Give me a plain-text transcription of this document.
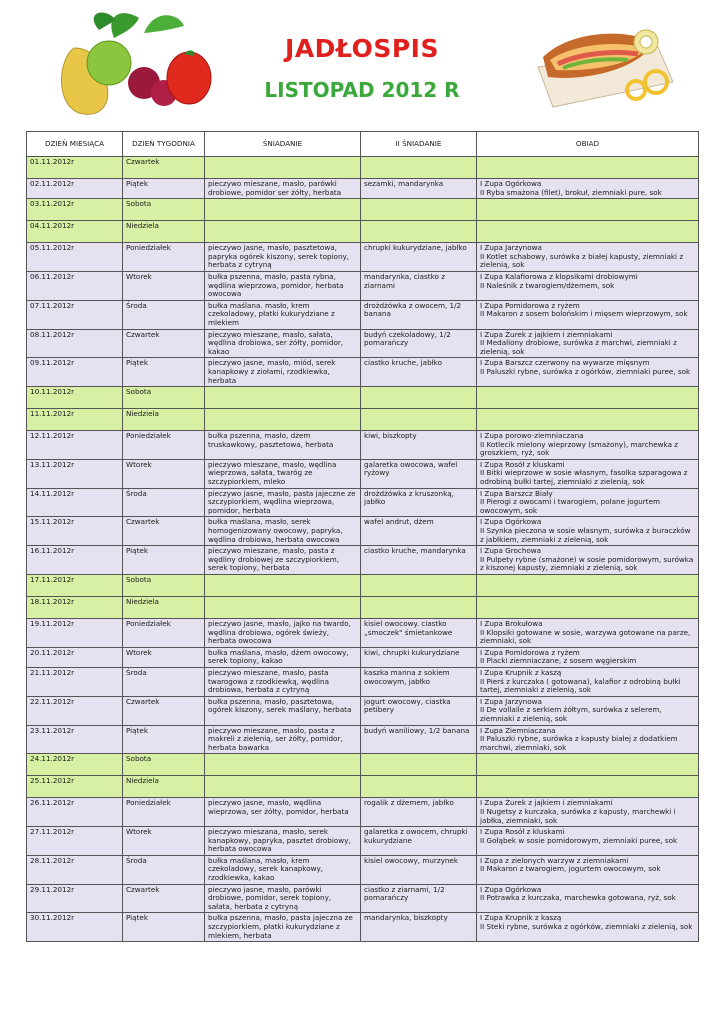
JADŁOSPIS
LISTOPAD 2012 R
DZIEŃ MIESIĄCA	DZIEŃ TYGODNIA	ŚNIADANIE	II ŚNIADANIE	OBIAD
01.11.2012r	Czwartek			
02.11.2012r	Piątek	pieczywo mieszane, masło, parówki drobiowe, pomidor ser żółty, herbata	sezamki, mandarynka	I Zupa Ogórkowa
II Ryba smażona (filet), brokuł, ziemniaki pure, sok
03.11.2012r	Sobota			
04.11.2012r	Niedziela			
05.11.2012r	Poniedziałek	pieczywo jasne, masło, pasztetowa, papryka ogórek kiszony, serek topiony, herbata z cytryną	chrupki kukurydziane, jabłko	I Zupa Jarzynowa
II Kotlet schabowy, surówka z białej kapusty, ziemniaki z zielenią, sok
06.11.2012r	Wtorek	bułka pszenna, masło, pasta rybna, wędlina wieprzowa, pomidor, herbata owocowa	mandarynka, ciastko z ziarnami	I Zupa Kalafiorowa z klopsikami drobiowymi
II Naleśnik z twarogiem/dżemem, sok
07.11.2012r	Środa	bułka maślana. masło, krem czekoladowy, płatki kukurydziane z mlekiem	drożdżówka z owocem, 1/2 banana	I Zupa Pomidorowa z ryżem
II Makaron z sosem bolońskim i mięsem wieprzowym, sok
08.11.2012r	Czwartek	pieczywo mieszane, masło, sałata, wędlina drobiowa, ser żółty, pomidor, kakao	budyń czekoladowy, 1/2 pomarańczy	I Zupa Żurek z jajkiem i ziemniakami
II Medaliony drobiowe, surówka z marchwi, ziemniaki z zielenią, sok
09.11.2012r	Piątek	pieczywo jasne, masło, miód, serek kanapkowy z ziołami, rzodkiewka, herbata	ciastko kruche, jabłko	I Zupa Barszcz czerwony na wywarze mięsnym
II Paluszki rybne, surówka z ogórków, ziemniaki puree, sok
10.11.2012r	Sobota			
11.11.2012r	Niedziela			
12.11.2012r	Poniedziałek	bułka pszenna, masło, dżem truskawkowy, pasztetowa, herbata	kiwi, biszkopty	I Zupa porowo-ziemniaczana
II Kotlecik mielony wieprzowy (smażony), marchewka z groszkiem, ryż, sok
13.11.2012r	Wtorek	pieczywo mieszane, masło, wędlina wieprzowa, sałata, twaróg ze szczypiorkiem, mleko	galaretka owocowa, wafel ryżowy	I Zupa Rosół z kluskami
II Bitki wieprzowe w sosie własnym, fasolka szparagowa z odrobiną bułki tartej, ziemniaki z zielenią, sok
14.11.2012r	Środa	pieczywo jasne, masło, pasta jajeczne ze szczypiorkiem, wędlina wieprzowa, pomidor, herbata	drożdżówka z kruszonką, jabłko	I Zupa Barszcz Biały
II Pierogi z owocami i twarogiem, polane jogurtem owocowym, sok
15.11.2012r	Czwartek	bułka maślana, masło, serek homogenizowany owocowy, papryka, wędlina drobiowa, herbata owocowa	wafel andrut, dżem	I Zupa Ogórkowa
II Szynka pieczona w sosie własnym, surówka z buraczków z jabłkiem, ziemniaki z zielenią, sok
16.11.2012r	Piątek	pieczywo mieszane, masło, pasta z wędliny drobiowej ze szczypiorkiem, serek topiony, herbata	ciastko kruche, mandarynka	I Zupa Grochowa
II Pulpety rybne (smażone) w sosie pomidorowym, surówka z kiszonej kapusty, ziemniaki z zielenią, sok
17.11.2012r	Sobota			
18.11.2012r	Niedziela			
19.11.2012r	Poniedziałek	pieczywo jasne, masło, jajko na twardo, wędlina drobiowa, ogórek świeży, herbata owocowa	kisiel owocowy. ciastko „smoczek" śmietankowe	I Zupa Brokułowa
II Klopsiki gotowane w sosie, warzywa gotowane na parze, ziemniaki, sok
20.11.2012r	Wtorek	bułka maślana, masło, dżem owocowy, serek topiony, kakao	kiwi, chrupki kukurydziane	I Zupa Pomidorowa z ryżem
II Placki ziemniaczane, z sosem węgierskim
21.11.2012r	Środa	pieczywo mieszane, masło, pasta twarogowa z rzodkiewką, wędlina drobiowa, herbata z cytryną	kaszka manna z sokiem owocowym, jabłko	I Zupa Krupnik z kaszą
II Pierś z kurczaka ( gotowana), kalafior z odrobiną bułki tartej, ziemniaki z zielenią, sok
22.11.2012r	Czwartek	bułka pszenna, masło, pasztetowa, ogórek kiszony, serek maślany, herbata	jogurt owocowy, ciastka petibery	I Zupa Jarzynowa
II De vollaile z serkiem żółtym, surówka z selerem, ziemniaki z zielenią, sok
23.11.2012r	Piątek	pieczywo mieszane, masło, pasta z makreli z zielenią, ser żółty, pomidor, herbata bawarka	budyń waniliowy, 1/2 banana	I Zupa Ziemniaczana
II Paluszki rybne, surówka z kapusty białej z dodatkiem marchwi, ziemniaki, sok
24.11.2012r	Sobota			
25.11.2012r	Niedziela			
26.11.2012r	Poniedziałek	pieczywo jasne, masło, wędlina wieprzowa, ser żółty, pomidor, herbata	rogalik z dżemem, jabłko	I Zupa Żurek z jajkiem i ziemniakami
II Nugetsy z kurczaka, surówka z kapusty, marchewki i jabłka, ziemniaki, sok
27.11.2012r	Wtorek	pieczywo mieszana, masło, serek kanapkowy, papryka, pasztet drobiowy, herbata owocowa	galaretka z owocem, chrupki kukurydziane	I Zupa Rosół z kluskami
II Gołąbek w sosie pomidorowym, ziemniaki puree, sok
28.11.2012r	Środa	bułka maślana, masło, krem czekoladowy, serek kanapkowy, rzodkiewka, kakao	kisiel owocowy, murzynek	I Zupa z zielonych warzyw z ziemniakami
II Makaron z twarogiem, jogurtem owocowym, sok
29.11.2012r	Czwartek	pieczywo jasne, masło, parówki drobiowe, pomidor, serek topiony, sałata, herbata z cytryną	ciastko z ziarnami, 1/2 pomarańczy	I Zupa Ogórkowa
II Potrawka z kurczaka, marchewka gotowana, ryż, sok
30.11.2012r	Piątek	bułka pszenna, masło, pasta jajeczna ze szczypiorkiem, płatki kukurydziane z mlekiem, herbata	mandarynka, biszkopty	I Zupa Krupnik z kaszą
II Steki rybne, surówka z ogórków, ziemniaki z zielenią, sok
